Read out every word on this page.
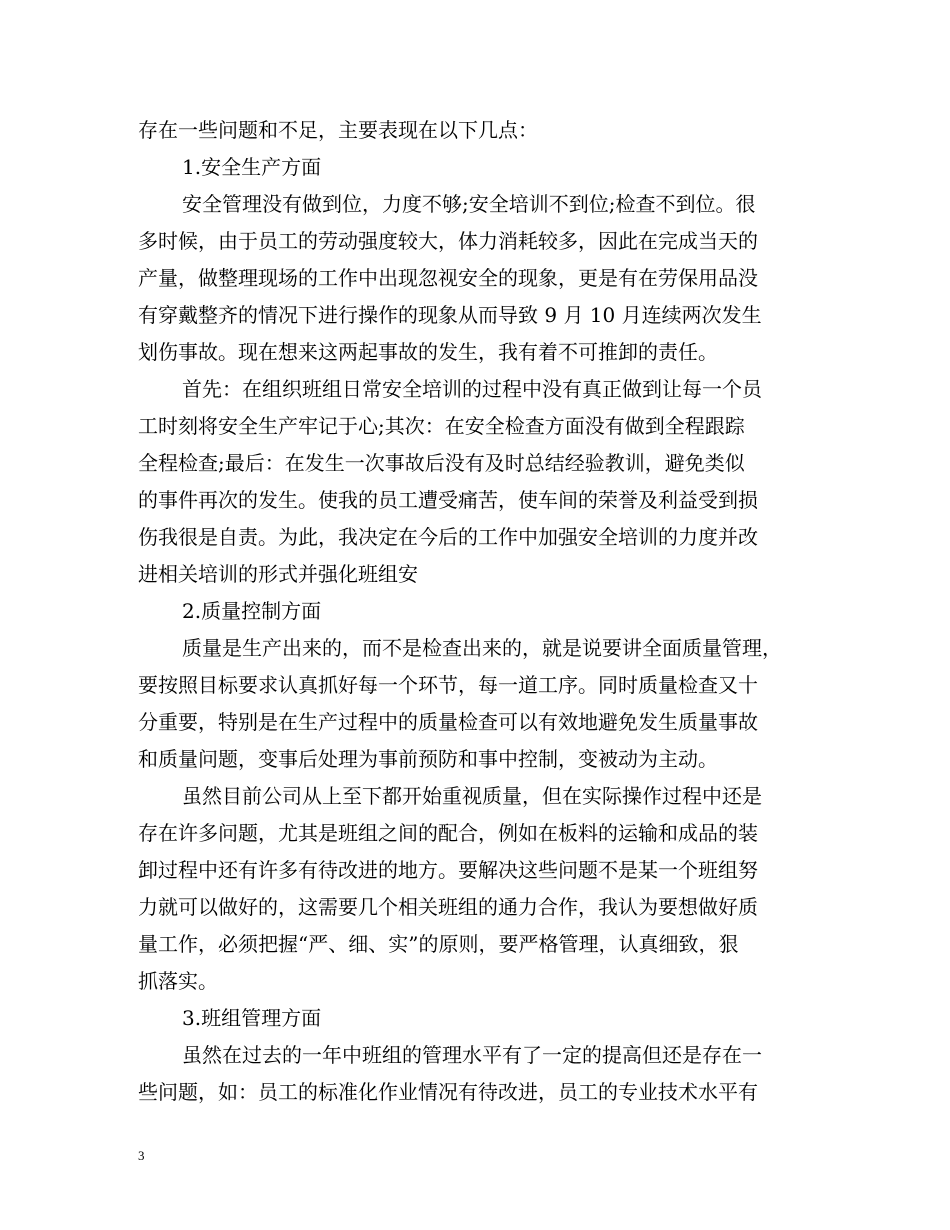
存在一些问题和不足，主要表现在以下几点：
1.安全生产方面
安全管理没有做到位，力度不够;安全培训不到位;检查不到位。很
多时候，由于员工的劳动强度较大，体力消耗较多，因此在完成当天的
产量，做整理现场的工作中出现忽视安全的现象，更是有在劳保用品没
有穿戴整齐的情况下进行操作的现象从而导致 9 月 10 月连续两次发生
划伤事故。现在想来这两起事故的发生，我有着不可推卸的责任。
首先：在组织班组日常安全培训的过程中没有真正做到让每一个员
工时刻将安全生产牢记于心;其次：在安全检查方面没有做到全程跟踪
全程检查;最后：在发生一次事故后没有及时总结经验教训，避免类似
的事件再次的发生。使我的员工遭受痛苦，使车间的荣誉及利益受到损
伤我很是自责。为此，我决定在今后的工作中加强安全培训的力度并改
进相关培训的形式并强化班组安
2.质量控制方面
质量是生产出来的，而不是检查出来的，就是说要讲全面质量管理，
要按照目标要求认真抓好每一个环节，每一道工序。同时质量检查又十
分重要，特别是在生产过程中的质量检查可以有效地避免发生质量事故
和质量问题，变事后处理为事前预防和事中控制，变被动为主动。
虽然目前公司从上至下都开始重视质量，但在实际操作过程中还是
存在许多问题，尤其是班组之间的配合，例如在板料的运输和成品的装
卸过程中还有许多有待改进的地方。要解决这些问题不是某一个班组努
力就可以做好的，这需要几个相关班组的通力合作，我认为要想做好质
量工作，必须把握“严、细、实”的原则，要严格管理，认真细致，狠
抓落实。
3.班组管理方面
虽然在过去的一年中班组的管理水平有了一定的提高但还是存在一
些问题，如：员工的标准化作业情况有待改进，员工的专业技术水平有
3
